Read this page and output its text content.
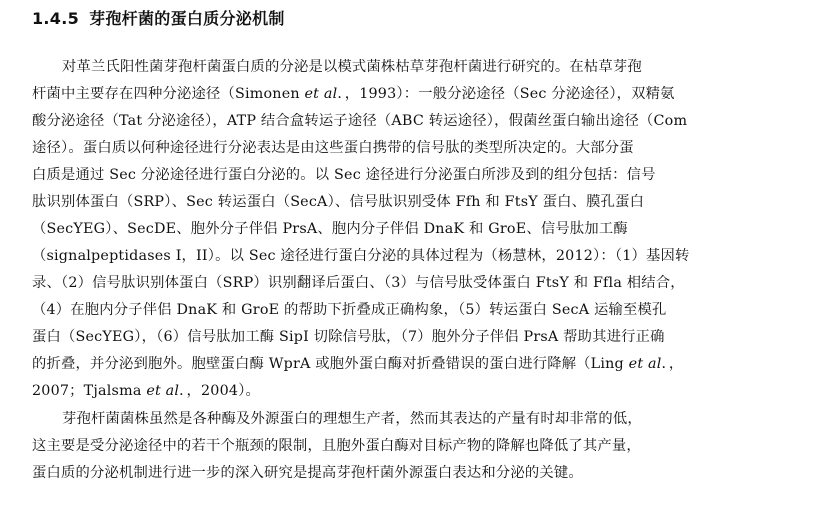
1.4.5 芽孢杆菌的蛋白质分泌机制
对革兰氏阳性菌芽孢杆菌蛋白质的分泌是以模式菌株枯草芽孢杆菌进行研究的。在枯草芽孢
杆菌中主要存在四种分泌途径（Simonen et al．，1993）：一般分泌途径（Sec 分泌途径），双精氨
酸分泌途径（Tat 分泌途径），ATP 结合盒转运子途径（ABC 转运途径），假菌丝蛋白输出途径（Com
途径）。蛋白质以何种途径进行分泌表达是由这些蛋白携带的信号肽的类型所决定的。大部分蛋
白质是通过 Sec 分泌途径进行蛋白分泌的。以 Sec 途径进行分泌蛋白所涉及到的组分包括：信号
肽识别体蛋白（SRP）、Sec 转运蛋白（SecA）、信号肽识别受体 Ffh 和 FtsY 蛋白、膜孔蛋白
（SecYEG）、SecDE、胞外分子伴侣 PrsA、胞内分子伴侣 DnaK 和 GroE、信号肽加工酶
（signalpeptidases I，II）。以 Sec 途径进行蛋白分泌的具体过程为（杨慧林，2012）：（1）基因转
录、（2）信号肽识别体蛋白（SRP）识别翻译后蛋白、（3）与信号肽受体蛋白 FtsY 和 Ffla 相结合，
（4）在胞内分子伴侣 DnaK 和 GroE 的帮助下折叠成正确构象，（5）转运蛋白 SecA 运输至模孔
蛋白（SecYEG），（6）信号肽加工酶 SipI 切除信号肽，（7）胞外分子伴侣 PrsA 帮助其进行正确
的折叠，并分泌到胞外。胞壁蛋白酶 WprA 或胞外蛋白酶对折叠错误的蛋白进行降解（Ling et al．，
2007；Tjalsma et al．，2004）。
芽孢杆菌菌株虽然是各种酶及外源蛋白的理想生产者，然而其表达的产量有时却非常的低，
这主要是受分泌途径中的若干个瓶颈的限制，且胞外蛋白酶对目标产物的降解也降低了其产量，
蛋白质的分泌机制进行进一步的深入研究是提高芽孢杆菌外源蛋白表达和分泌的关键。
